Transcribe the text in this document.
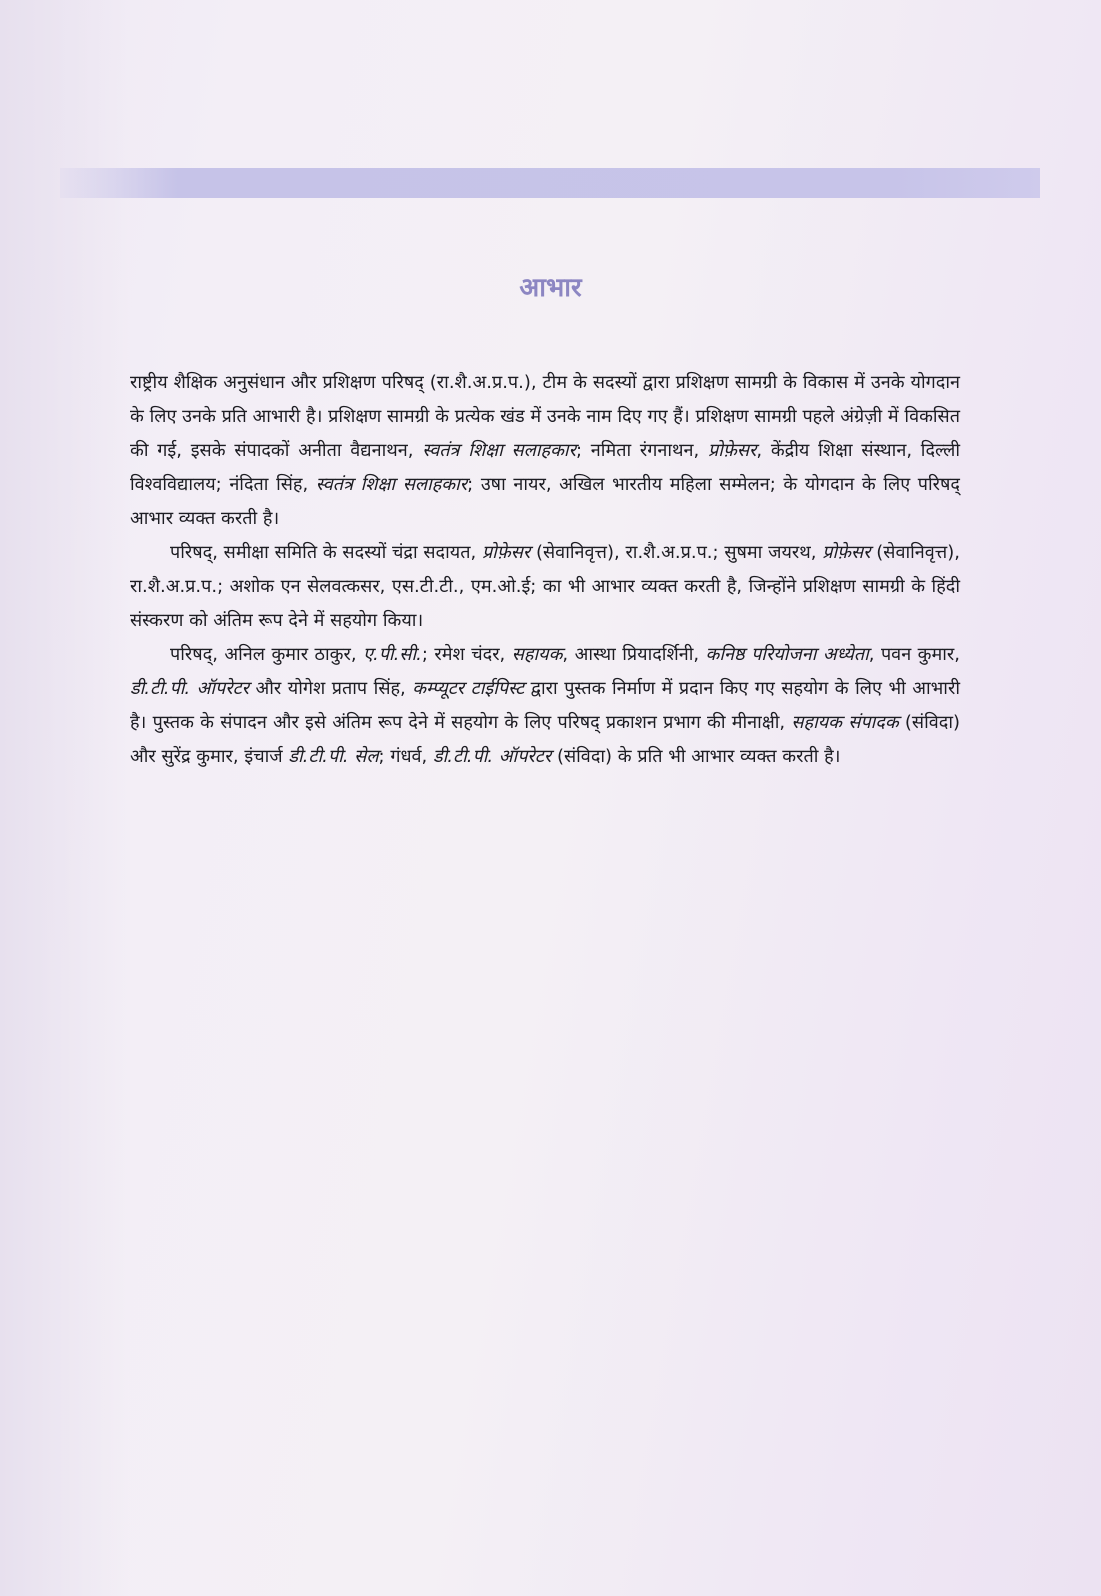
आभार

राष्ट्रीय शैक्षिक अनुसंधान और प्रशिक्षण परिषद् (रा.शै.अ.प्र.प.), टीम के सदस्यों द्वारा प्रशिक्षण सामग्री के विकास में उनके योगदान के लिए उनके प्रति आभारी है। प्रशिक्षण सामग्री के प्रत्येक खंड में उनके नाम दिए गए हैं। प्रशिक्षण सामग्री पहले अंग्रेज़ी में विकसित की गई, इसके संपादकों अनीता वैद्यनाथन, स्वतंत्र शिक्षा सलाहकार; नमिता रंगनाथन, प्रोफ़ेसर, केंद्रीय शिक्षा संस्थान, दिल्ली विश्वविद्यालय; नंदिता सिंह, स्वतंत्र शिक्षा सलाहकार; उषा नायर, अखिल भारतीय महिला सम्मेलन; के योगदान के लिए परिषद् आभार व्यक्त करती है।

परिषद्, समीक्षा समिति के सदस्यों चंद्रा सदायत, प्रोफ़ेसर (सेवानिवृत्त), रा.शै.अ.प्र.प.; सुषमा जयरथ, प्रोफ़ेसर (सेवानिवृत्त), रा.शै.अ.प्र.प.; अशोक एन सेलवत्कसर, एस.टी.टी., एम.ओ.ई; का भी आभार व्यक्त करती है, जिन्होंने प्रशिक्षण सामग्री के हिंदी संस्करण को अंतिम रूप देने में सहयोग किया।

परिषद्, अनिल कुमार ठाकुर, ए.पी.सी.; रमेश चंदर, सहायक, आस्था प्रियादर्शिनी, कनिष्ठ परियोजना अध्येता, पवन कुमार, डी.टी.पी. ऑपरेटर और योगेश प्रताप सिंह, कम्प्यूटर टाईपिस्ट द्वारा पुस्तक निर्माण में प्रदान किए गए सहयोग के लिए भी आभारी है। पुस्तक के संपादन और इसे अंतिम रूप देने में सहयोग के लिए परिषद् प्रकाशन प्रभाग की मीनाक्षी, सहायक संपादक (संविदा) और सुरेंद्र कुमार, इंचार्ज डी.टी.पी. सेल; गंधर्व, डी.टी.पी. ऑपरेटर (संविदा) के प्रति भी आभार व्यक्त करती है।
